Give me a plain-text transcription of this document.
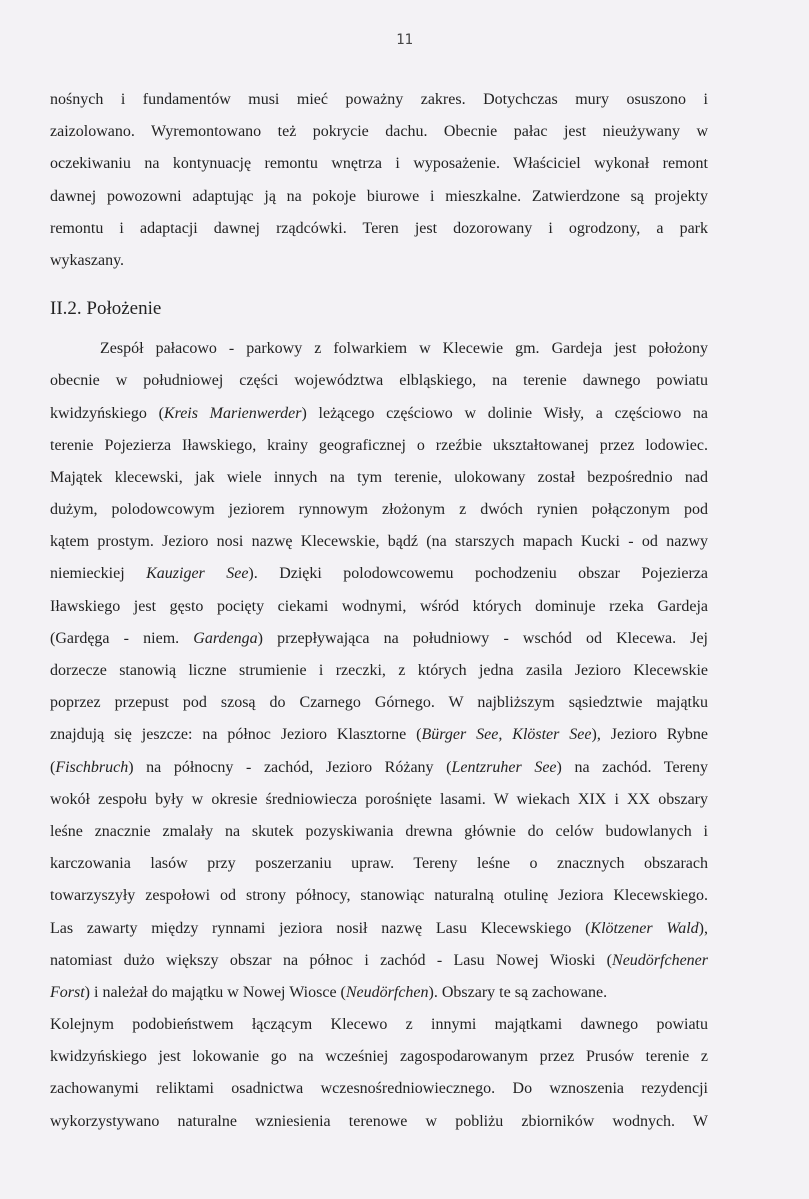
11

nośnych i fundamentów musi mieć poważny zakres. Dotychczas mury osuszono i
zaizolowano. Wyremontowano też pokrycie dachu. Obecnie pałac jest nieużywany w
oczekiwaniu na kontynuację remontu wnętrza i wyposażenie. Właściciel wykonał remont
dawnej powozowni adaptując ją na pokoje biurowe i mieszkalne. Zatwierdzone są projekty
remontu i adaptacji dawnej rządcówki. Teren jest dozorowany i ogrodzony, a park
wykaszany.

II.2. Położenie

Zespół pałacowo - parkowy z folwarkiem w Klecewie gm. Gardeja jest położony
obecnie w południowej części województwa elbląskiego, na terenie dawnego powiatu
kwidzyńskiego (Kreis Marienwerder) leżącego częściowo w dolinie Wisły, a częściowo na
terenie Pojezierza Iławskiego, krainy geograficznej o rzeźbie ukształtowanej przez lodowiec.
Majątek klecewski, jak wiele innych na tym terenie, ulokowany został bezpośrednio nad
dużym, polodowcowym jeziorem rynnowym złożonym z dwóch rynien połączonym pod
kątem prostym. Jezioro nosi nazwę Klecewskie, bądź (na starszych mapach Kucki - od nazwy
niemieckiej Kauziger See). Dzięki polodowcowemu pochodzeniu obszar Pojezierza
Iławskiego jest gęsto pocięty ciekami wodnymi, wśród których dominuje rzeka Gardeja
(Gardęga - niem. Gardenga) przepływająca na południowy - wschód od Klecewa. Jej
dorzecze stanowią liczne strumienie i rzeczki, z których jedna zasila Jezioro Klecewskie
poprzez przepust pod szosą do Czarnego Górnego. W najbliższym sąsiedztwie majątku
znajdują się jeszcze: na północ Jezioro Klasztorne (Bürger See, Klöster See), Jezioro Rybne
(Fischbruch) na północny - zachód, Jezioro Różany (Lentzruher See) na zachód. Tereny
wokół zespołu były w okresie średniowiecza porośnięte lasami. W wiekach XIX i XX obszary
leśne znacznie zmalały na skutek pozyskiwania drewna głównie do celów budowlanych i
karczowania lasów przy poszerzaniu upraw. Tereny leśne o znacznych obszarach
towarzyszyły zespołowi od strony północy, stanowiąc naturalną otulinę Jeziora Klecewskiego.
Las zawarty między rynnami jeziora nosił nazwę Lasu Klecewskiego (Klötzener Wald),
natomiast dużo większy obszar na północ i zachód - Lasu Nowej Wioski (Neudörfchener
Forst) i należał do majątku w Nowej Wiosce (Neudörfchen). Obszary te są zachowane.

Kolejnym podobieństwem łączącym Klecewo z innymi majątkami dawnego powiatu
kwidzyńskiego jest lokowanie go na wcześniej zagospodarowanym przez Prusów terenie z
zachowanymi reliktami osadnictwa wczesnośredniowiecznego. Do wznoszenia rezydencji
wykorzystywano naturalne wzniesienia terenowe w pobliżu zbiorników wodnych. W
